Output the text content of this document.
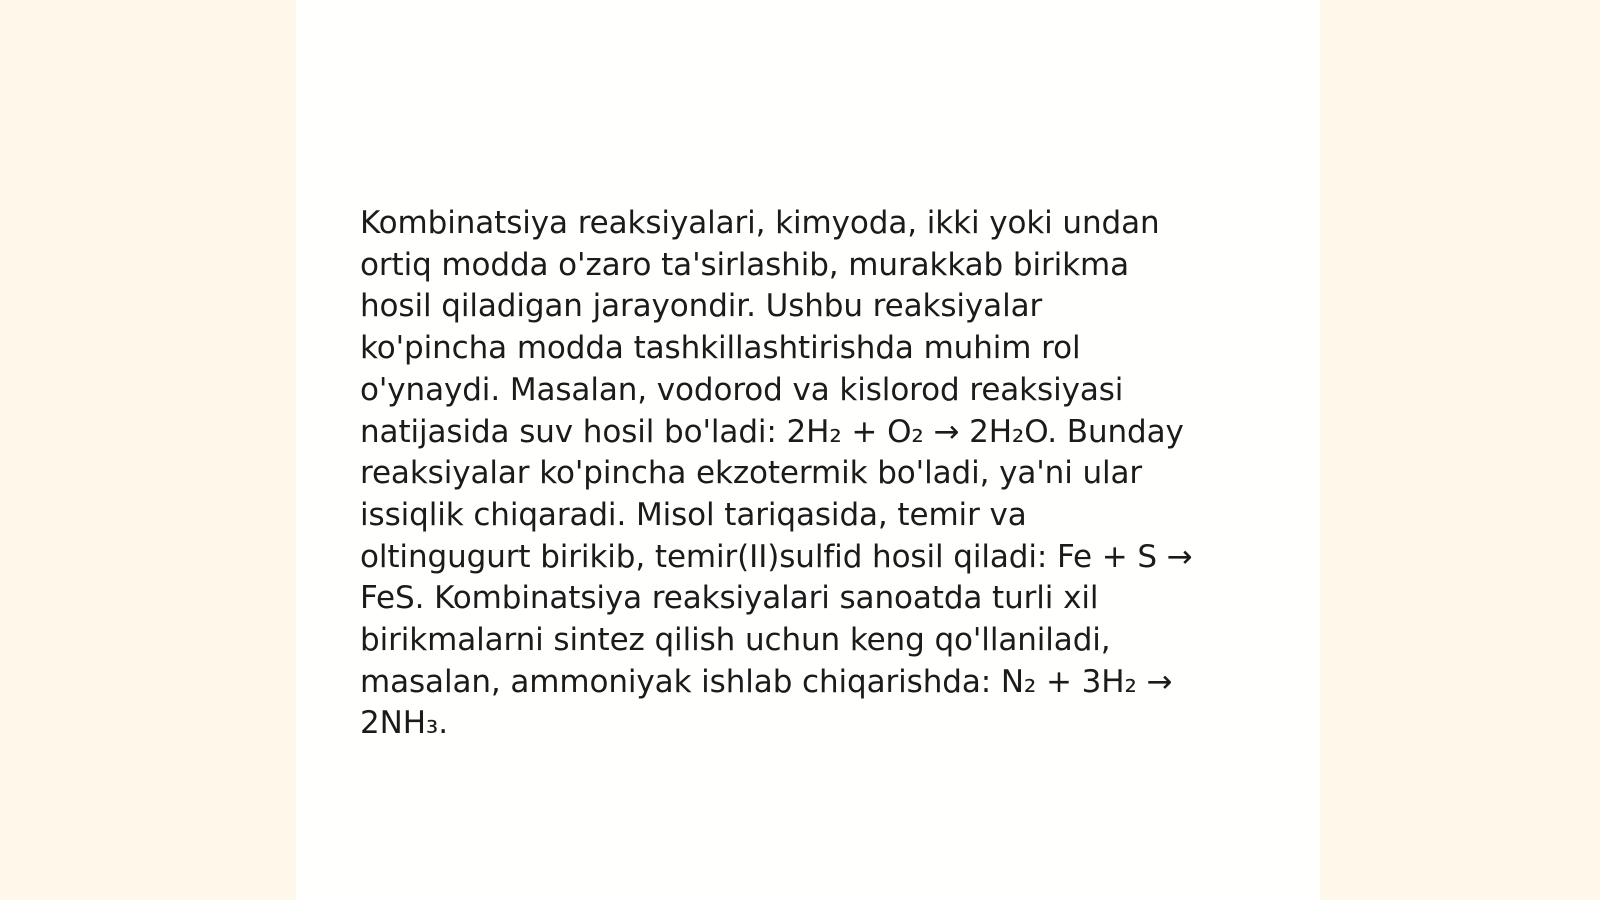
Kombinatsiya reaksiyalari, kimyoda, ikki yoki undan
ortiq modda o'zaro ta'sirlashib, murakkab birikma
hosil qiladigan jarayondir. Ushbu reaksiyalar
ko'pincha modda tashkillashtirishda muhim rol
o'ynaydi. Masalan, vodorod va kislorod reaksiyasi
natijasida suv hosil bo'ladi: 2H₂ + O₂ → 2H₂O. Bunday
reaksiyalar ko'pincha ekzotermik bo'ladi, ya'ni ular
issiqlik chiqaradi. Misol tariqasida, temir va
oltingugurt birikib, temir(II)sulfid hosil qiladi: Fe + S →
FeS. Kombinatsiya reaksiyalari sanoatda turli xil
birikmalarni sintez qilish uchun keng qo'llaniladi,
masalan, ammoniyak ishlab chiqarishda: N₂ + 3H₂ →
2NH₃.
